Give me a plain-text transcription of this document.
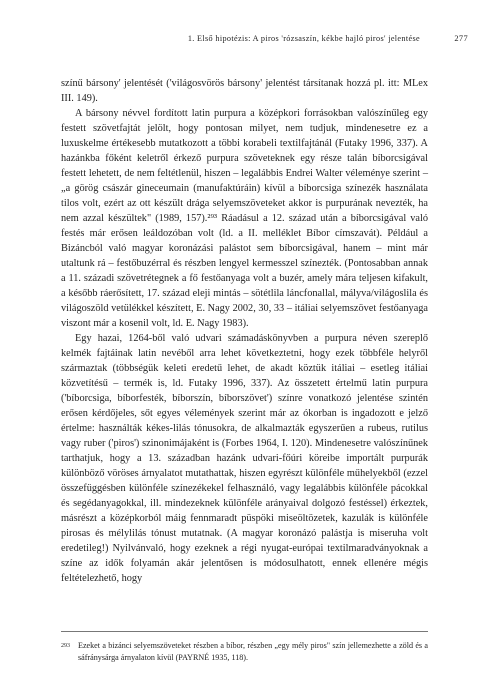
1. Első hipotézis: A piros 'rózsaszín, kékbe hajló piros' jelentése	277

színű bársony' jelentését ('világosvörös bársony' jelentést társítanak hozzá pl. itt: MLex III. 149).

A bársony névvel fordított latin purpura a középkori forrásokban valószínűleg egy festett szövetfajtát jelölt, hogy pontosan milyet, nem tudjuk, mindenesetre ez a luxuskelme értékesebb mutatkozott a többi korabeli textilfajtánál (Futaky 1996, 337). A hazánkba főként keletről érkező purpura szöveteknek egy része talán bíborcsigával festett lehetett, de nem feltétlenül, hiszen – legalábbis Endrei Walter véleménye szerint – „a görög császár gineceumain (manufaktúráin) kívül a bíborcsiga színezék használata tilos volt, ezért az ott készült drága selyemszöveteket akkor is purpurának nevezték, ha nem azzal készültek" (1989, 157).²⁹³ Ráadásul a 12. század után a bíborcsigával való festés már erősen leáldozóban volt (ld. a II. melléklet Bíbor címszavát). Például a Bizáncból való magyar koronázási palástot sem bíborcsigával, hanem – mint már utaltunk rá – festőbuzérral és részben lengyel kermesszel színezték. (Pontosabban annak a 11. századi szövetrétegnek a fő festőanyaga volt a buzér, amely mára teljesen kifakult, a később ráerősített, 17. század eleji mintás – sötétlila láncfonallal, mályva/világoslila és világoszöld vetülékkel készített, E. Nagy 2002, 30, 33 – itáliai selyemszövet festőanyaga viszont már a kosenil volt, ld. E. Nagy 1983).

Egy hazai, 1264-ből való udvari számadáskönyvben a purpura néven szereplő kelmék fajtáinak latin nevéből arra lehet következtetni, hogy ezek többféle helyről származtak (többségük keleti eredetű lehet, de akadt köztük itáliai – esetleg itáliai közvetítésű – termék is, ld. Futaky 1996, 337). Az összetett értelmű latin purpura ('bíborcsiga, bíborfesték, bíborszín, bíborszövet') színre vonatkozó jelentése szintén erősen kérdőjeles, sőt egyes vélemények szerint már az ókorban is ingadozott e jelző értelme: használták kékes-lilás tónusokra, de alkalmazták egyszerűen a rubeus, rutilus vagy ruber ('piros') szinonimájaként is (Forbes 1964, I. 120). Mindenesetre valószínűnek tarthatjuk, hogy a 13. században hazánk udvari-főúri köreibe importált purpurák különböző vöröses árnyalatot mutathattak, hiszen egyrészt különféle műhelyekből (ezzel összefüggésben különféle színezékekel felhasználó, vagy legalábbis különféle pácokkal és segédanyagokkal, ill. mindezeknek különféle arányaival dolgozó festéssel) érkeztek, másrészt a középkorból máig fennmaradt püspöki miseöltözetek, kazulák is különféle pirosas és mélylilás tónust mutatnak. (A magyar koronázó palástja is miseruha volt eredetileg!) Nyilvánvaló, hogy ezeknek a régi nyugat-európai textilmaradványoknak a színe az idők folyamán akár jelentősen is módosulhatott, ennek ellenére mégis feltételezhető, hogy

293 Ezeket a bizánci selyemszöveteket részben a bíbor, részben „egy mély piros" szín jellemezhette a zöld és a sáfránysárga árnyalaton kívül (PAYRNÉ 1935, 118).
